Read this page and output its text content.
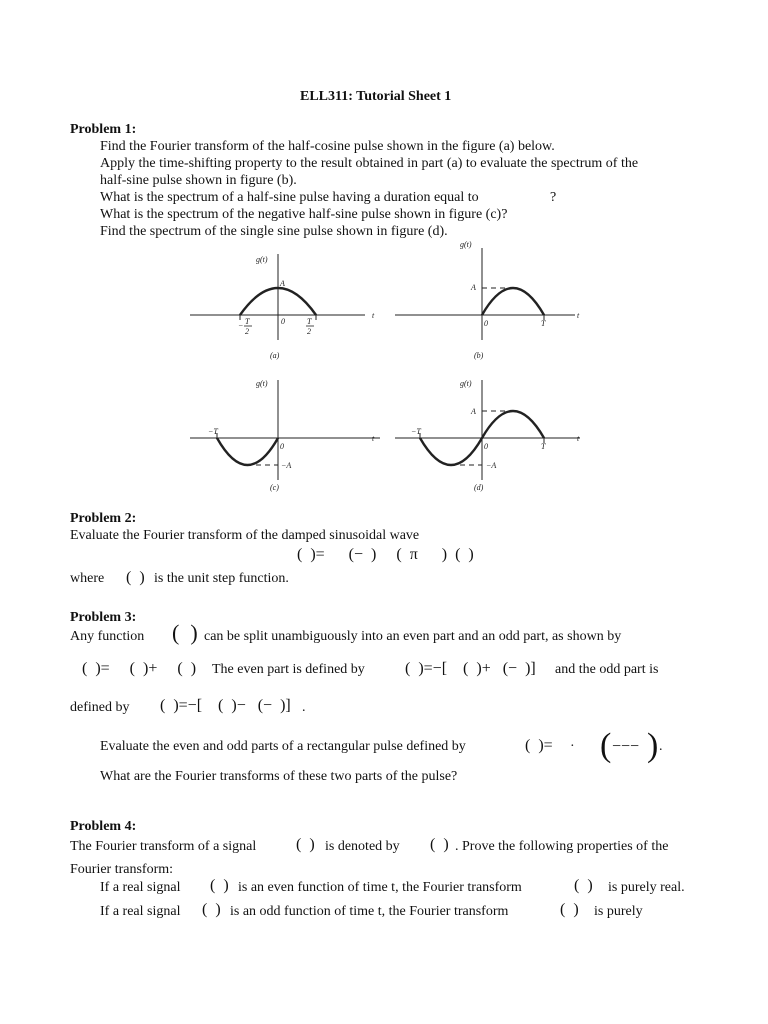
ELL311: Tutorial Sheet 1
Problem 1:
Find the Fourier transform of the half-cosine pulse shown in the figure (a) below.
Apply the time-shifting property to the result obtained in part (a) to evaluate the spectrum of the
half-sine pulse shown in figure (b).
What is the spectrum of a half-sine pulse having a duration equal to	?
What is the spectrum of the negative half-sine pulse shown in figure (c)?
Find the spectrum of the single sine pulse shown in figure (d).
g(t)
t
A
0
− T
2
T
2
(a)
g(t)
t
A
0	T
(b)
g(t)
t
−T
0
−A
(c)
g(t)
t
A
−T
0	T
−A
(d)
Problem 2:
Evaluate the Fourier transform of the damped sinusoidal wave
(  )=      (−  )     (  π      )  (  )
where (  ) is the unit step function.
Problem 3:
Any function (  ) can be split unambiguously into an even part and an odd part, as shown by
(  )=     (  )+     (  ) The even part is defined by	(  )=−[    (  )+   (−  )] and the odd part is
defined by (  )=−[    (  )−   (−  )] .
Evaluate the even and odd parts of a rectangular pulse defined by	(  )= · ( −−− ) .
What are the Fourier transforms of these two parts of the pulse?
Problem 4:
The Fourier transform of a signal (  ) is denoted by (  ) . Prove the following properties of the
Fourier transform:
If a real signal (  ) is an even function of time t, the Fourier transform	(  ) is purely real.
If a real signal (  ) is an odd function of time t, the Fourier transform	(  ) is purely
